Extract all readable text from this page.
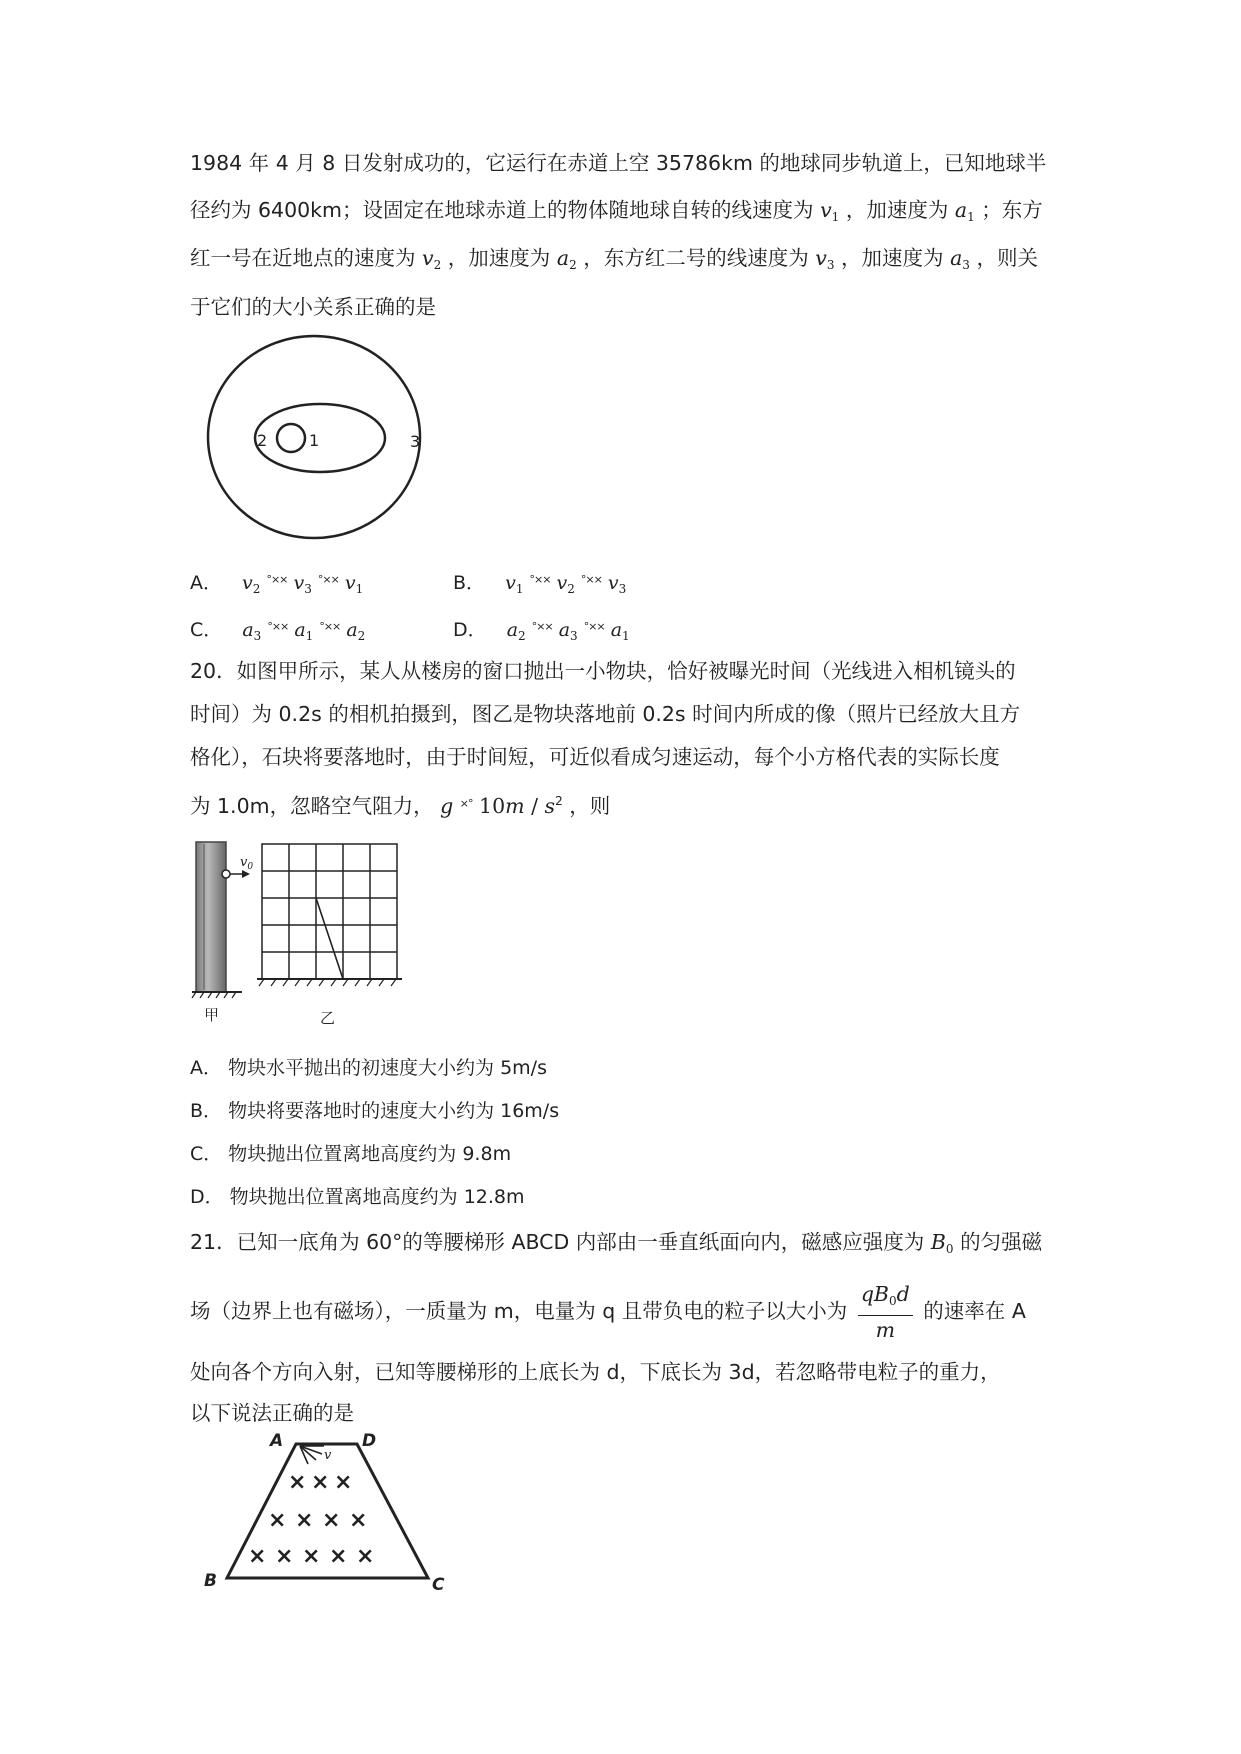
1984 年 4 月 8 日发射成功的，它运行在赤道上空 35786km 的地球同步轨道上，已知地球半
径约为 6400km；设固定在地球赤道上的物体随地球自转的线速度为 $v_1$ ，加速度为 $a_1$ ；东方
红一号在近地点的速度为 $v_2$ ，加速度为 $a_2$ ，东方红二号的线速度为 $v_3$ ，加速度为 $a_3$ ，则关
于它们的大小关系正确的是
2	1	3
A． $v_2$ °×× $v_3$ °×× $v_1$	B． $v_1$ °×× $v_2$ °×× $v_3$
C． $a_3$ °×× $a_1$ °×× $a_2$	D． $a_2$ °×× $a_3$ °×× $a_1$
20．如图甲所示，某人从楼房的窗口抛出一小物块，恰好被曝光时间（光线进入相机镜头的
时间）为 0.2s 的相机拍摄到，图乙是物块落地前 0.2s 时间内所成的像（照片已经放大且方
格化），石块将要落地时，由于时间短，可近似看成匀速运动，每个小方格代表的实际长度
为 1.0m，忽略空气阻力， g ×° $10m / s^2$ ，则
$v_0$
甲	乙
A． 物块水平抛出的初速度大小约为 5m/s
B． 物块将要落地时的速度大小约为 16m/s
C． 物块抛出位置离地高度约为 9.8m
D． 物块抛出位置离地高度约为 12.8m
21．已知一底角为 60°的等腰梯形 ABCD 内部由一垂直纸面向内，磁感应强度为 $B_0$ 的匀强磁
场（边界上也有磁场），一质量为 m，电量为 q 且带负电的粒子以大小为 $\frac{qB_0d}{m}$ 的速率在 A
处向各个方向入射，已知等腰梯形的上底长为 d，下底长为 3d，若忽略带电粒子的重力，
以下说法正确的是
A	D
B	C
v
× × ×
× × × ×
× × × × ×
